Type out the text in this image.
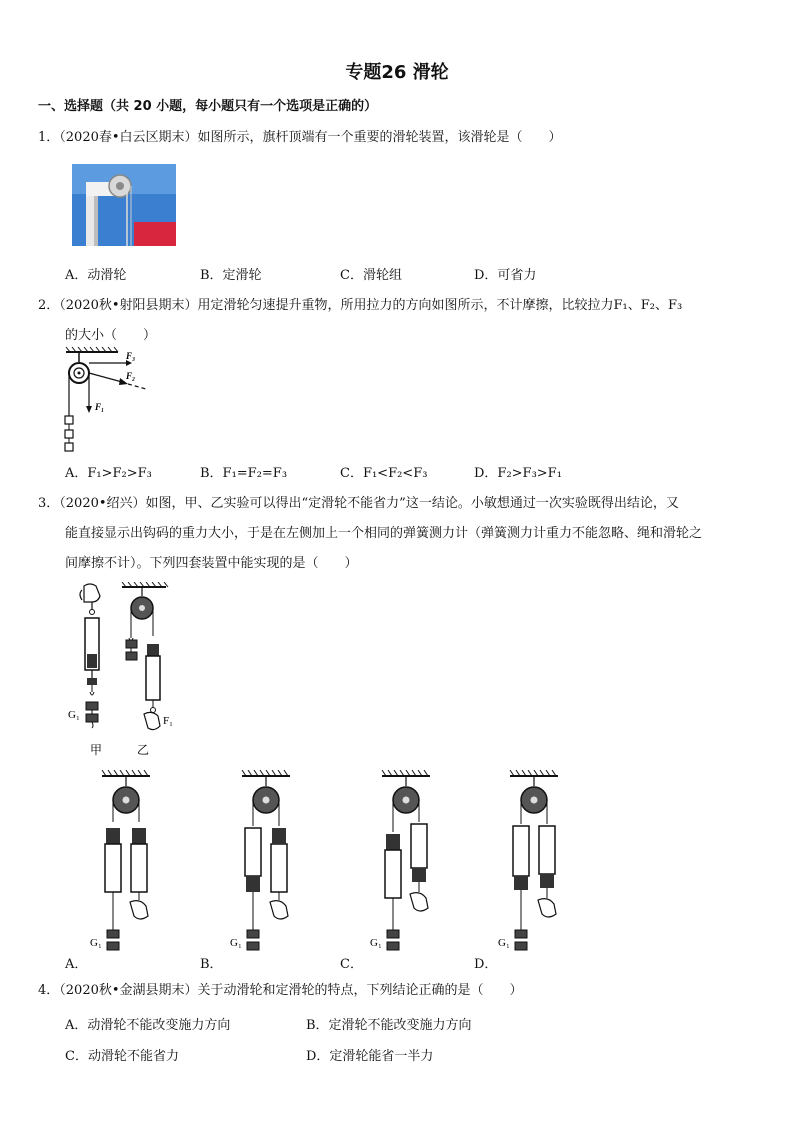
专题26 滑轮
一、选择题（共 20 小题，每小题只有一个选项是正确的）
1．（2020春•白云区期末）如图所示，旗杆顶端有一个重要的滑轮装置，该滑轮是（　　）
A．动滑轮	B．定滑轮	C．滑轮组	D．可省力
2．（2020秋•射阳县期末）用定滑轮匀速提升重物，所用拉力的方向如图所示，不计摩擦，比较拉力F₁、F₂、F₃
的大小（　　）
F₃
F₂
F₁
A．F₁>F₂>F₃	B．F₁=F₂=F₃	C．F₁<F₂<F₃	D．F₂>F₃>F₁
3．（2020•绍兴）如图，甲、乙实验可以得出“定滑轮不能省力”这一结论。小敏想通过一次实验既得出结论，又
能直接显示出钩码的重力大小，于是在左侧加上一个相同的弹簧测力计（弹簧测力计重力不能忽略、绳和滑轮之
间摩擦不计）。下列四套装置中能实现的是（　　）
G₁	F₁
甲	乙
G₁
A．
G₁
B．
G₁
C．
G₁
D．
4．（2020秋•金湖县期末）关于动滑轮和定滑轮的特点，下列结论正确的是（　　）
A．动滑轮不能改变施力方向	B．定滑轮不能改变施力方向
C．动滑轮不能省力	D．定滑轮能省一半力
